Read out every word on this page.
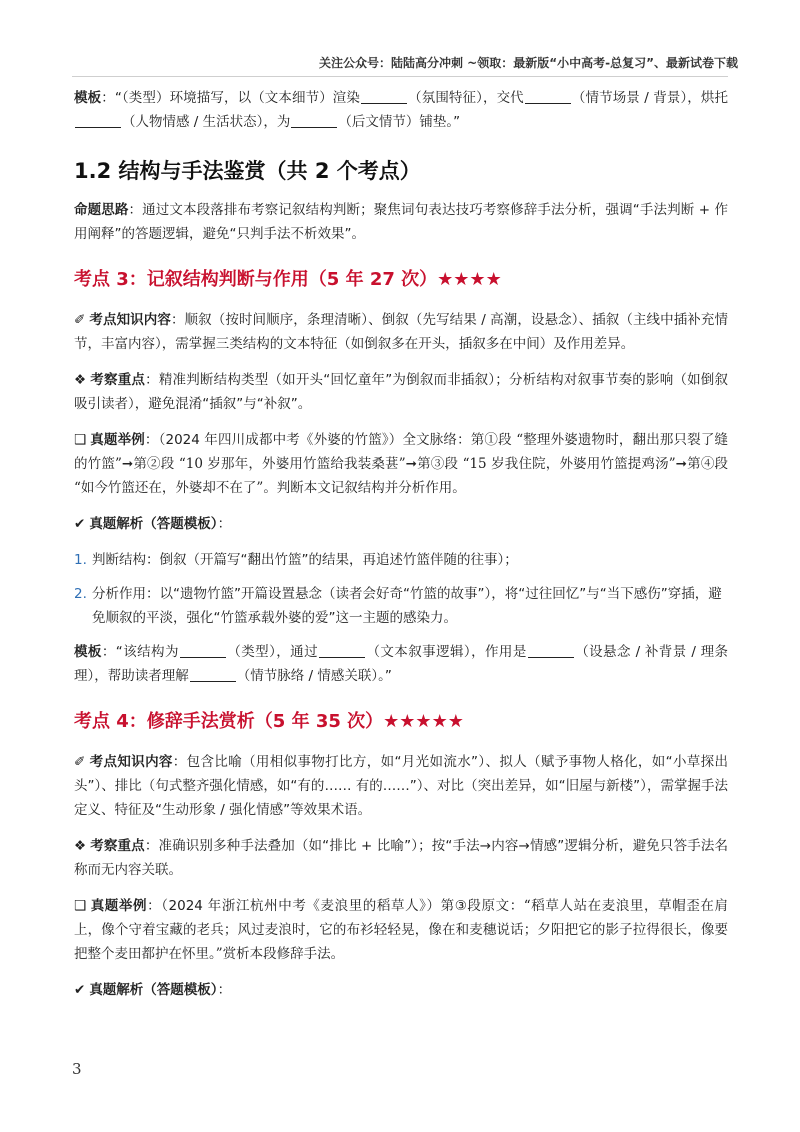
关注公众号：陆陆高分冲刺 ~领取：最新版“小中高考-总复习”、最新试卷下载

模板：“（类型）环境描写，以（文本细节）渲染	（氛围特征），交代	（情节场景 / 背景），烘托（人物情感 / 生活状态），为	（后文情节）铺垫。”

1.2 结构与手法鉴赏（共 2 个考点）

命题思路：通过文本段落排布考察记叙结构判断；聚焦词句表达技巧考察修辞手法分析，强调“手法判断 + 作用阐释”的答题逻辑，避免“只判手法不析效果”。

考点 3：记叙结构判断与作用（5 年 27 次）★★★★

✐ 考点知识内容：顺叙（按时间顺序，条理清晰）、倒叙（先写结果 / 高潮，设悬念）、插叙（主线中插补充情节，丰富内容），需掌握三类结构的文本特征（如倒叙多在开头，插叙多在中间）及作用差异。

❖ 考察重点：精准判断结构类型（如开头“回忆童年”为倒叙而非插叙）；分析结构对叙事节奏的影响（如倒叙吸引读者），避免混淆“插叙”与“补叙”。

❑ 真题举例：（2024 年四川成都中考《外婆的竹篮》）全文脉络：第①段 “整理外婆遗物时，翻出那只裂了缝的竹篮”➞第②段 “10 岁那年，外婆用竹篮给我装桑葚”➞第③段 “15 岁我住院，外婆用竹篮提鸡汤”➞第④段 “如今竹篮还在，外婆却不在了”。判断本文记叙结构并分析作用。

✔ 真题解析（答题模板）：

1. 判断结构：倒叙（开篇写“翻出竹篮”的结果，再追述竹篮伴随的往事）；
2. 分析作用：以“遗物竹篮”开篇设置悬念（读者会好奇“竹篮的故事”），将“过往回忆”与“当下感伤”穿插，避免顺叙的平淡，强化“竹篮承载外婆的爱”这一主题的感染力。

模板：“该结构为	（类型），通过	（文本叙事逻辑），作用是	（设悬念 / 补背景 / 理条理），帮助读者理解	（情节脉络 / 情感关联）。”

考点 4：修辞手法赏析（5 年 35 次）★★★★★

✐ 考点知识内容：包含比喻（用相似事物打比方，如“月光如流水”）、拟人（赋予事物人格化，如“小草探出头”）、排比（句式整齐强化情感，如“有的…… 有的……”）、对比（突出差异，如“旧屋与新楼”），需掌握手法定义、特征及“生动形象 / 强化情感”等效果术语。

❖ 考察重点：准确识别多种手法叠加（如“排比 + 比喻”）；按“手法→内容→情感”逻辑分析，避免只答手法名称而无内容关联。

❑ 真题举例：（2024 年浙江杭州中考《麦浪里的稻草人》）第③段原文：“稻草人站在麦浪里，草帽歪在肩上，像个守着宝藏的老兵；风过麦浪时，它的布衫轻轻晃，像在和麦穗说话；夕阳把它的影子拉得很长，像要把整个麦田都护在怀里。”赏析本段修辞手法。

✔ 真题解析（答题模板）：

3
